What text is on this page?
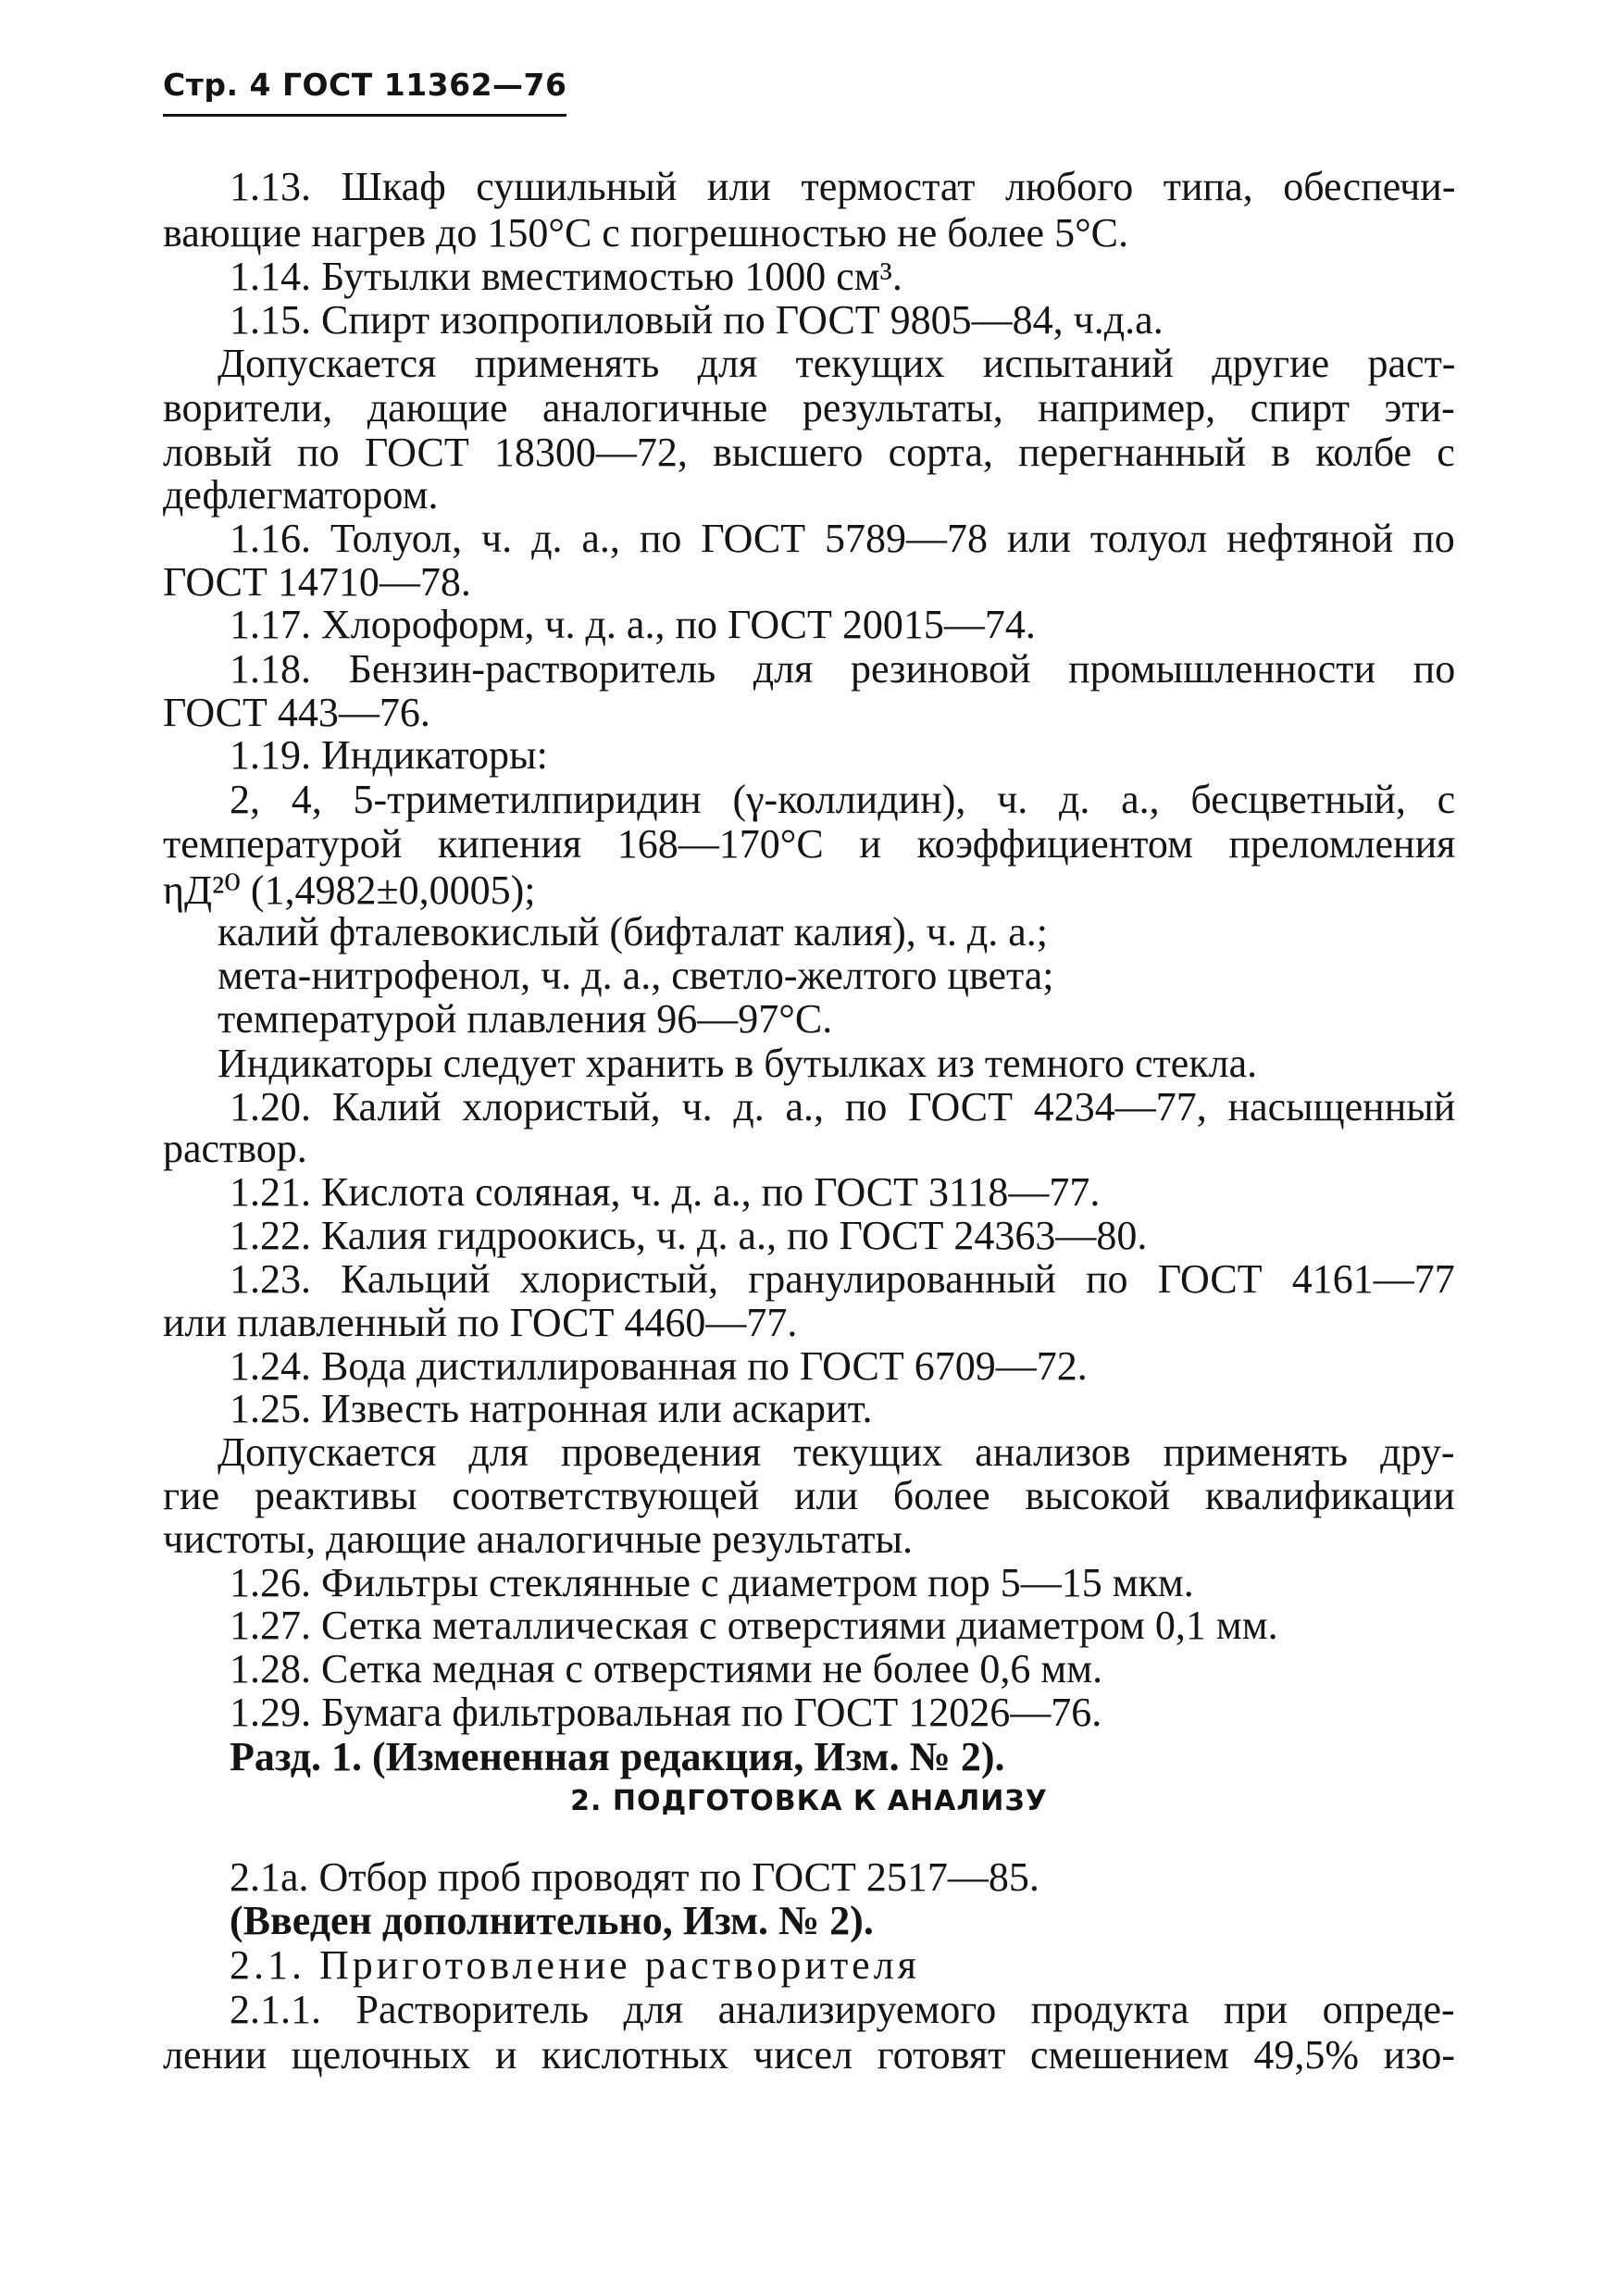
Стр. 4 ГОСТ 11362—76
1.13. Шкаф сушильный или термостат любого типа, обеспечи-
вающие нагрев до 150°С с погрешностью не более 5°С.
1.14. Бутылки вместимостью 1000 см³.
1.15. Спирт изопропиловый по ГОСТ 9805—84, ч.д.а.
Допускается применять для текущих испытаний другие раст-
ворители, дающие аналогичные результаты, например, спирт эти-
ловый по ГОСТ 18300—72, высшего сорта, перегнанный в колбе с
дефлегматором.
1.16. Толуол, ч. д. а., по ГОСТ 5789—78 или толуол нефтяной по
ГОСТ 14710—78.
1.17. Хлороформ, ч. д. а., по ГОСТ 20015—74.
1.18. Бензин-растворитель для резиновой промышленности по
ГОСТ 443—76.
1.19. Индикаторы:
2, 4, 5-триметилпиридин (γ-коллидин), ч. д. а., бесцветный, с
температурой кипения 168—170°С и коэффициентом преломления
ηД²⁰ (1,4982±0,0005);
калий фталевокислый (бифталат калия), ч. д. а.;
мета-нитрофенол, ч. д. а., светло-желтого цвета;
температурой плавления 96—97°С.
Индикаторы следует хранить в бутылках из темного стекла.
1.20. Калий хлористый, ч. д. а., по ГОСТ 4234—77, насыщенный
раствор.
1.21. Кислота соляная, ч. д. а., по ГОСТ 3118—77.
1.22. Калия гидроокись, ч. д. а., по ГОСТ 24363—80.
1.23. Кальций хлористый, гранулированный по ГОСТ 4161—77
или плавленный по ГОСТ 4460—77.
1.24. Вода дистиллированная по ГОСТ 6709—72.
1.25. Известь натронная или аскарит.
Допускается для проведения текущих анализов применять дру-
гие реактивы соответствующей или более высокой квалификации
чистоты, дающие аналогичные результаты.
1.26. Фильтры стеклянные с диаметром пор 5—15 мкм.
1.27. Сетка металлическая с отверстиями диаметром 0,1 мм.
1.28. Сетка медная с отверстиями не более 0,6 мм.
1.29. Бумага фильтровальная по ГОСТ 12026—76.
Разд. 1. (Измененная редакция, Изм. № 2).
2. ПОДГОТОВКА К АНАЛИЗУ
2.1а. Отбор проб проводят по ГОСТ 2517—85.
(Введен дополнительно, Изм. № 2).
2.1. Приготовление растворителя
2.1.1. Растворитель для анализируемого продукта при опреде-
лении щелочных и кислотных чисел готовят смешением 49,5% изо-
